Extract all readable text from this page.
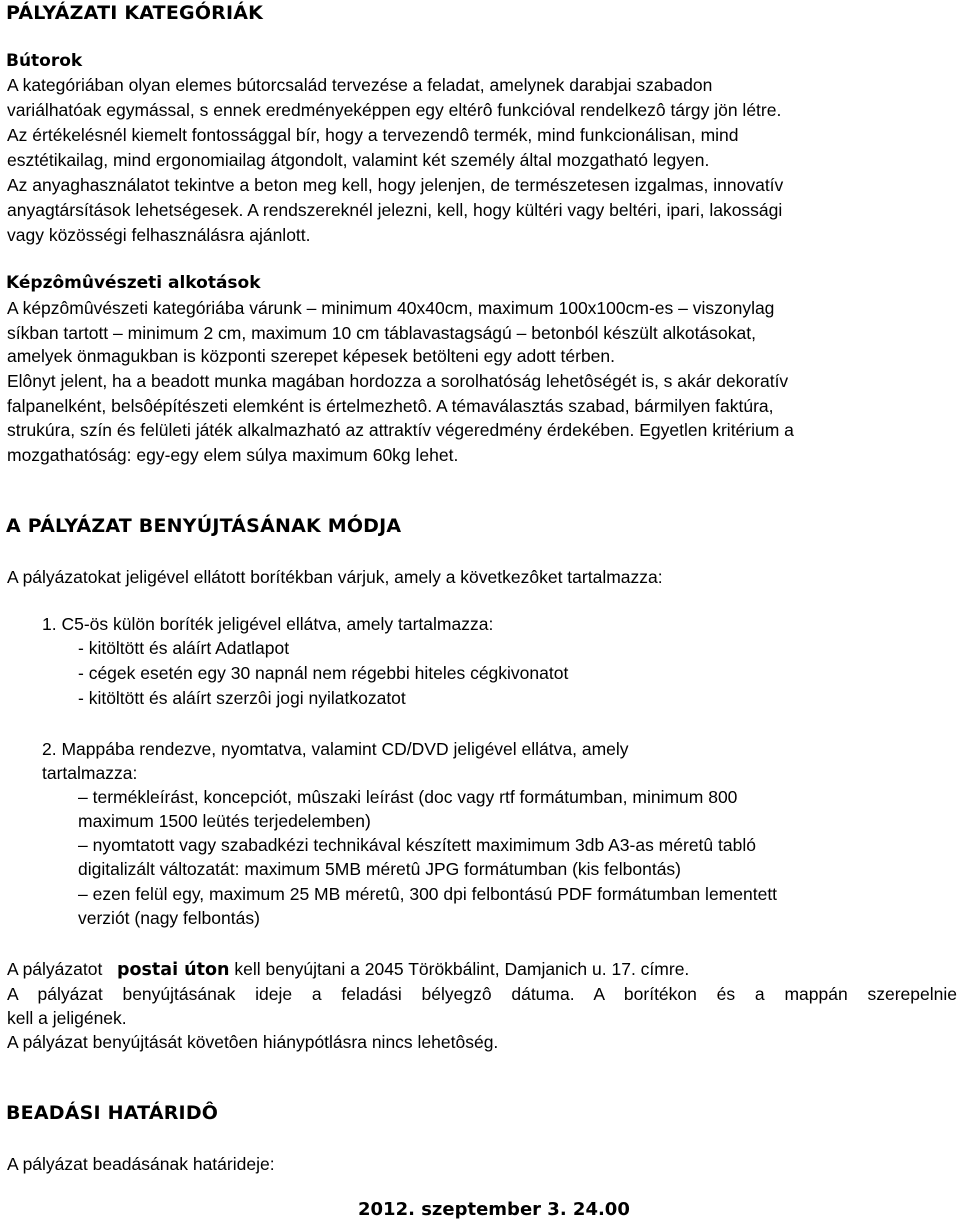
PÁLYÁZATI KATEGÓRIÁK
Bútorok
A kategóriában olyan elemes bútorcsalád tervezése a feladat, amelynek darabjai szabadon
variálhatóak egymással, s ennek eredményeképpen egy eltérô funkcióval rendelkezô tárgy jön létre.
Az értékelésnél kiemelt fontossággal bír, hogy a tervezendô termék, mind funkcionálisan, mind
esztétikailag, mind ergonomiailag átgondolt, valamint két személy által mozgatható legyen.
Az anyaghasználatot tekintve a beton meg kell, hogy jelenjen, de természetesen izgalmas, innovatív
anyagtársítások lehetségesek. A rendszereknél jelezni, kell, hogy kültéri vagy beltéri, ipari, lakossági
vagy közösségi felhasználásra ajánlott.
Képzômûvészeti alkotások
A képzômûvészeti kategóriába várunk – minimum 40x40cm, maximum 100x100cm-es – viszonylag
síkban tartott – minimum 2 cm, maximum 10 cm táblavastagságú – betonból készült alkotásokat,
amelyek önmagukban is központi szerepet képesek betölteni egy adott térben.
Elônyt jelent, ha a beadott munka magában hordozza a sorolhatóság lehetôségét is, s akár dekoratív
falpanelként, belsôépítészeti elemként is értelmezhetô. A témaválasztás szabad, bármilyen faktúra,
strukúra, szín és felületi játék alkalmazható az attraktív végeredmény érdekében. Egyetlen kritérium a
mozgathatóság: egy-egy elem súlya maximum 60kg lehet.
A PÁLYÁZAT BENYÚJTÁSÁNAK MÓDJA
A pályázatokat jeligével ellátott borítékban várjuk, amely a következôket tartalmazza:
1. C5-ös külön boríték jeligével ellátva, amely tartalmazza:
- kitöltött és aláírt Adatlapot
- cégek esetén egy 30 napnál nem régebbi hiteles cégkivonatot
- kitöltött és aláírt szerzôi jogi nyilatkozatot
2. Mappába rendezve, nyomtatva, valamint CD/DVD jeligével ellátva, amely
tartalmazza:
– termékleírást, koncepciót, mûszaki leírást (doc vagy rtf formátumban, minimum 800
maximum 1500 leütés terjedelemben)
– nyomtatott vagy szabadkézi technikával készített maximimum 3db A3-as méretû tabló
digitalizált változatát: maximum 5MB méretû JPG formátumban (kis felbontás)
– ezen felül egy, maximum 25 MB méretû, 300 dpi felbontású PDF formátumban lementett
verziót (nagy felbontás)
A pályázatot postai úton kell benyújtani a 2045 Törökbálint, Damjanich u. 17. címre.
A pályázat benyújtásának ideje a feladási bélyegzô dátuma. A borítékon és a mappán szerepelnie
kell a jeligének.
A pályázat benyújtását követôen hiánypótlásra nincs lehetôség.
BEADÁSI HATÁRIDÔ
A pályázat beadásának határideje:
2012. szeptember 3. 24.00
